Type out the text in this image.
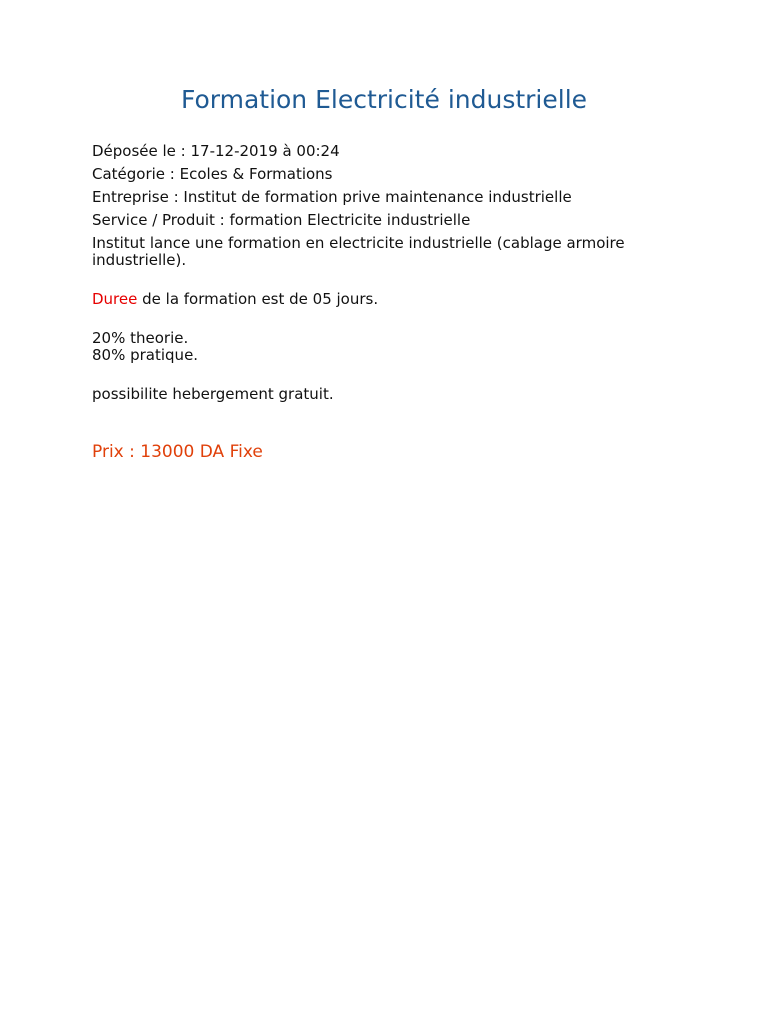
Formation Electricité industrielle

Déposée le : 17-12-2019 à 00:24

Catégorie : Ecoles & Formations

Entreprise : Institut de formation prive maintenance industrielle

Service / Produit : formation Electricite industrielle

Institut lance une formation en electricite industrielle (cablage armoire industrielle).

Duree de la formation est de 05 jours.

20% theorie.

80% pratique.

possibilite hebergement gratuit.

Prix : 13000 DA Fixe
